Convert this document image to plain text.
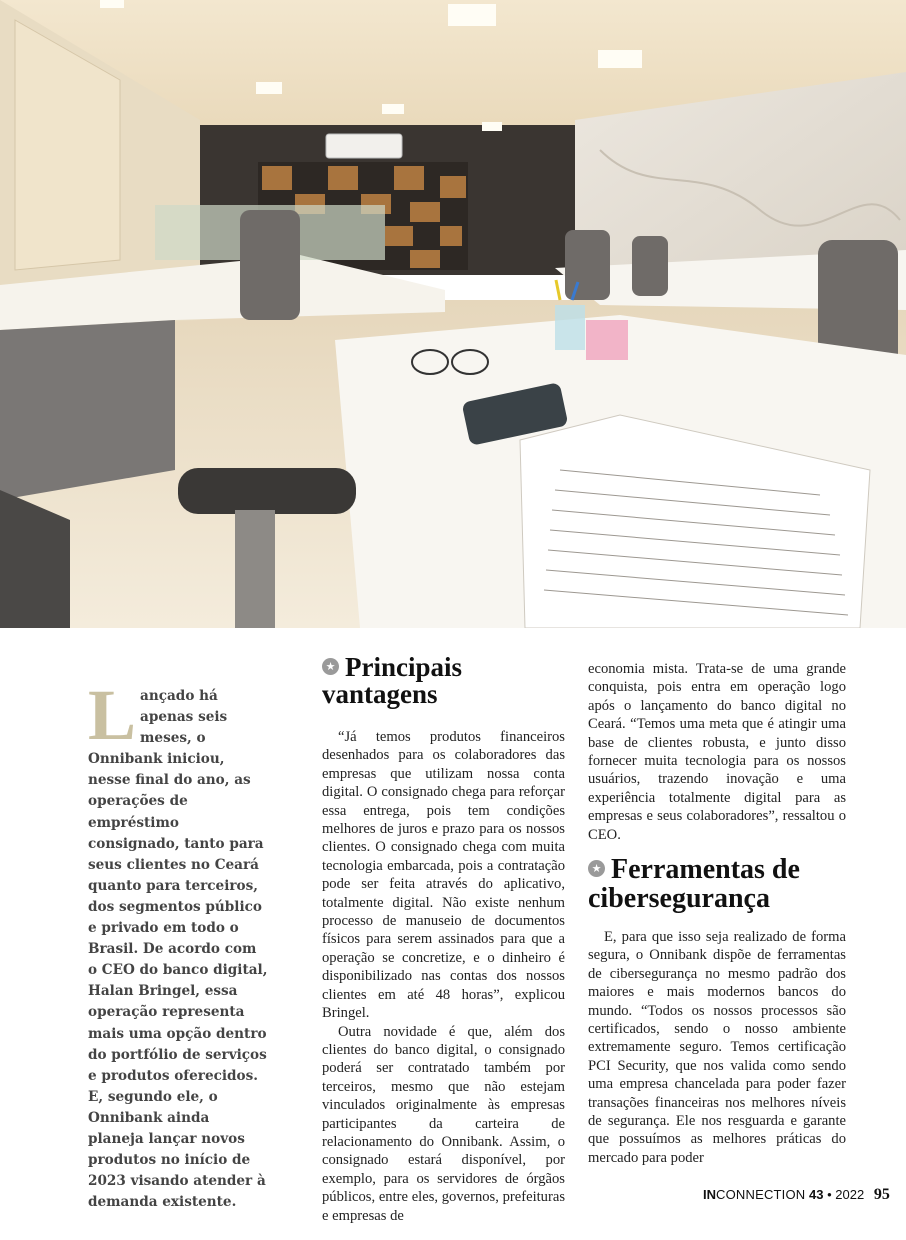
Lançado há apenas seis meses, o Onnibank iniciou, nesse final do ano, as operações de empréstimo consignado, tanto para seus clientes no Ceará quanto para terceiros, dos segmentos público e privado em todo o Brasil. De acordo com o CEO do banco digital, Halan Bringel, essa operação representa mais uma opção dentro do portfólio de serviços e produtos oferecidos. E, segundo ele, o Onnibank ainda planeja lançar novos produtos no início de 2023 visando atender à demanda existente.
★Principais vantagens

“Já temos produtos financeiros desenhados para os colaboradores das empresas que utilizam nossa conta digital. O consignado chega para reforçar essa entrega, pois tem condições melhores de juros e prazo para os nossos clientes. O consignado chega com muita tecnologia embarcada, pois a contratação pode ser feita através do aplicativo, totalmente digital. Não existe nenhum processo de manuseio de documentos físicos para serem assinados para que a operação se concretize, e o dinheiro é disponibilizado nas contas dos nossos clientes em até 48 horas”, explicou Bringel.

Outra novidade é que, além dos clientes do banco digital, o consignado poderá ser contratado também por terceiros, mesmo que não estejam vinculados originalmente às empresas participantes da carteira de relacionamento do Onnibank. Assim, o consignado estará disponível, por exemplo, para os servidores de órgãos públicos, entre eles, governos, prefeituras e empresas de

economia mista. Trata-se de uma grande conquista, pois entra em operação logo após o lançamento do banco digital no Ceará. “Temos uma meta que é atingir uma base de clientes robusta, e junto disso fornecer muita tecnologia para os nossos usuários, trazendo inovação e uma experiência totalmente digital para as empresas e seus colaboradores”, ressaltou o CEO.

★Ferramentas de cibersegurança

E, para que isso seja realizado de forma segura, o Onnibank dispõe de ferramentas de cibersegurança no mesmo padrão dos maiores e mais modernos bancos do mundo. “Todos os nossos processos são certificados, sendo o nosso ambiente extremamente seguro. Temos certificação PCI Security, que nos valida como sendo uma empresa chancelada para poder fazer transações financeiras nos melhores níveis de segurança. Ele nos resguarda e garante que possuímos as melhores práticas do mercado para poder

INCONNECTION 43 • 2022 95
